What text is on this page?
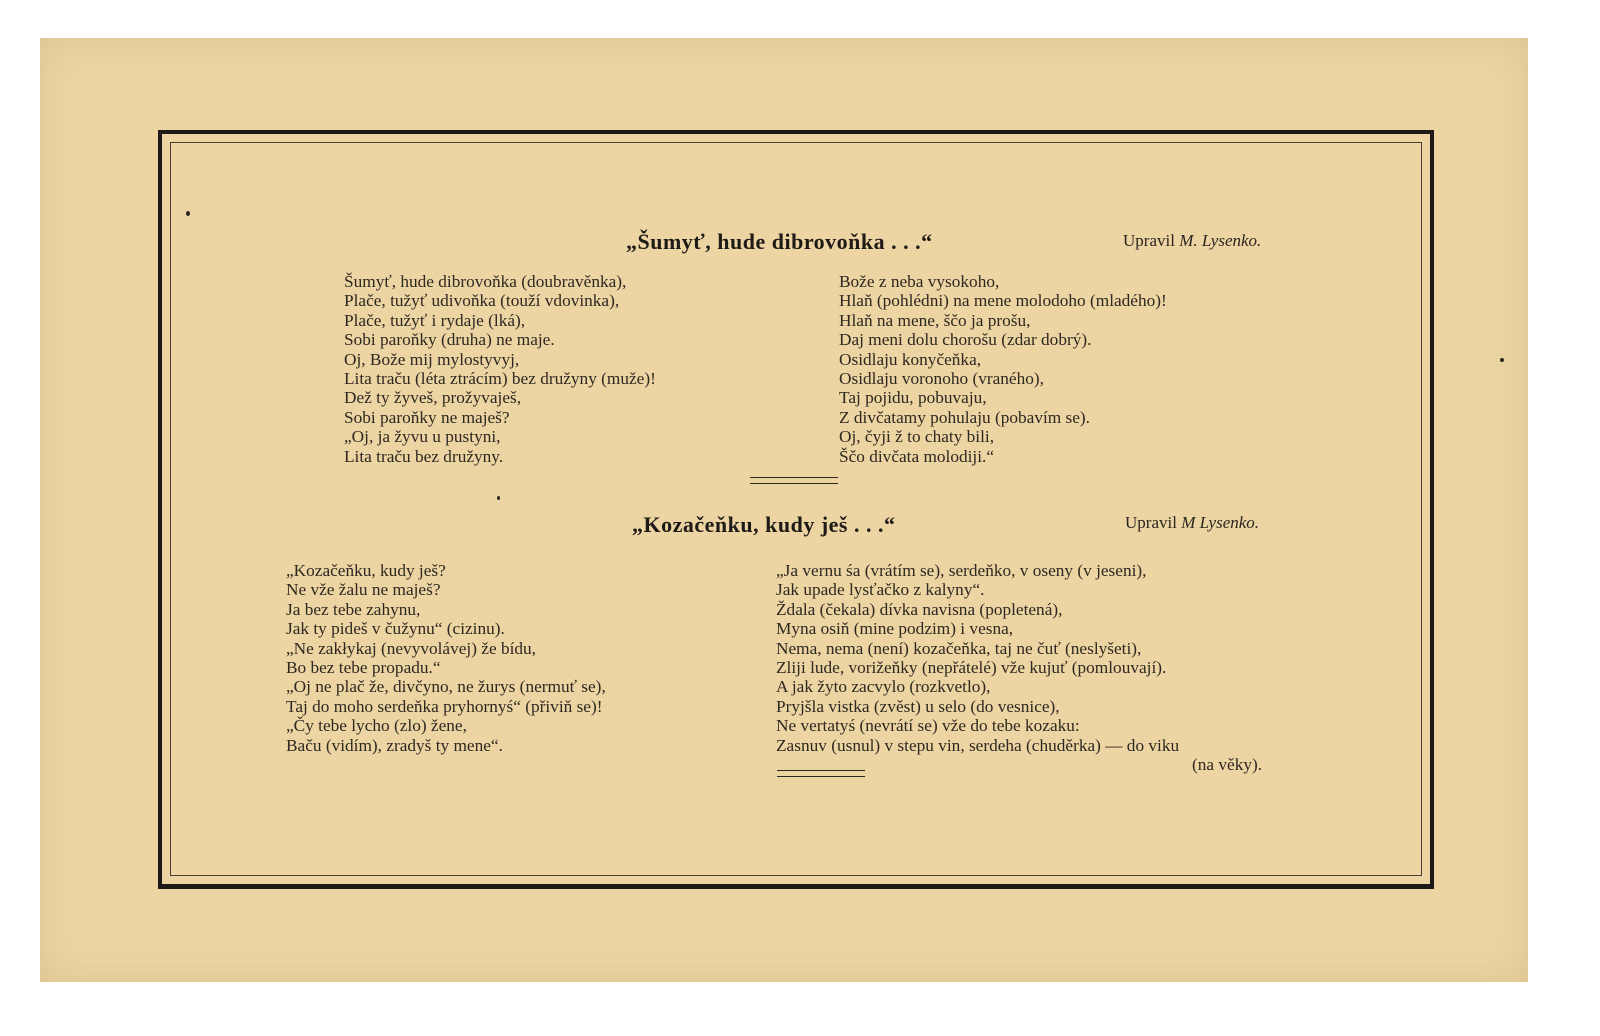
„Šumyť, hude dibrovoňka . . .“	Upravil M. Lysenko.
Šumyť, hude dibrovoňka (doubravěnka),
Plače, tužyť udivoňka (touží vdovinka),
Plače, tužyť i rydaje (lká),
Sobi paroňky (druha) ne maje.
Oj, Bože mij mylostyvyj,
Lita traču (léta ztrácím) bez družyny (muže)!
Dež ty žyveš, prožyvaješ,
Sobi paroňky ne maješ?
„Oj, ja žyvu u pustyni,
Lita traču bez družyny.
Bože z neba vysokoho,
Hlaň (pohlédni) na mene molodoho (mladého)!
Hlaň na mene, ščo ja prošu,
Daj meni dolu chorošu (zdar dobrý).
Osidlaju konyčeňka,
Osidlaju voronoho (vraného),
Taj pojidu, pobuvaju,
Z divčatamy pohulaju (pobavím se).
Oj, čyji ž to chaty bili,
Ščo divčata molodiji.“
„Kozačeňku, kudy ješ . . .“	Upravil M Lysenko.
„Kozačeňku, kudy ješ?
Ne vže žalu ne maješ?
Ja bez tebe zahynu,
Jak ty pideš v čužynu“ (cizinu).
„Ne zakłykaj (nevyvolávej) že bídu,
Bo bez tebe propadu.“
„Oj ne plač že, divčyno, ne žurys (nermuť se),
Taj do moho serdeňka pryhornyś“ (přiviň se)!
„Čy tebe lycho (zlo) žene,
Baču (vidím), zradyš ty mene“.
„Ja vernu śa (vrátím se), serdeňko, v oseny (v jeseni),
Jak upade lysťačko z kalyny“.
Ždala (čekala) dívka navisna (popletená),
Myna osiň (mine podzim) i vesna,
Nema, nema (není) kozačeňka, taj ne čuť (neslyšeti),
Zliji lude, vorižeňky (nepřátelé) vže kujuť (pomlouvají).
A jak žyto zacvylo (rozkvetlo),
Pryjšla vistka (zvěst) u selo (do vesnice),
Ne vertatyś (nevrátí se) vže do tebe kozaku:
Zasnuv (usnul) v stepu vin, serdeha (chuděrka) — do viku
(na věky).
